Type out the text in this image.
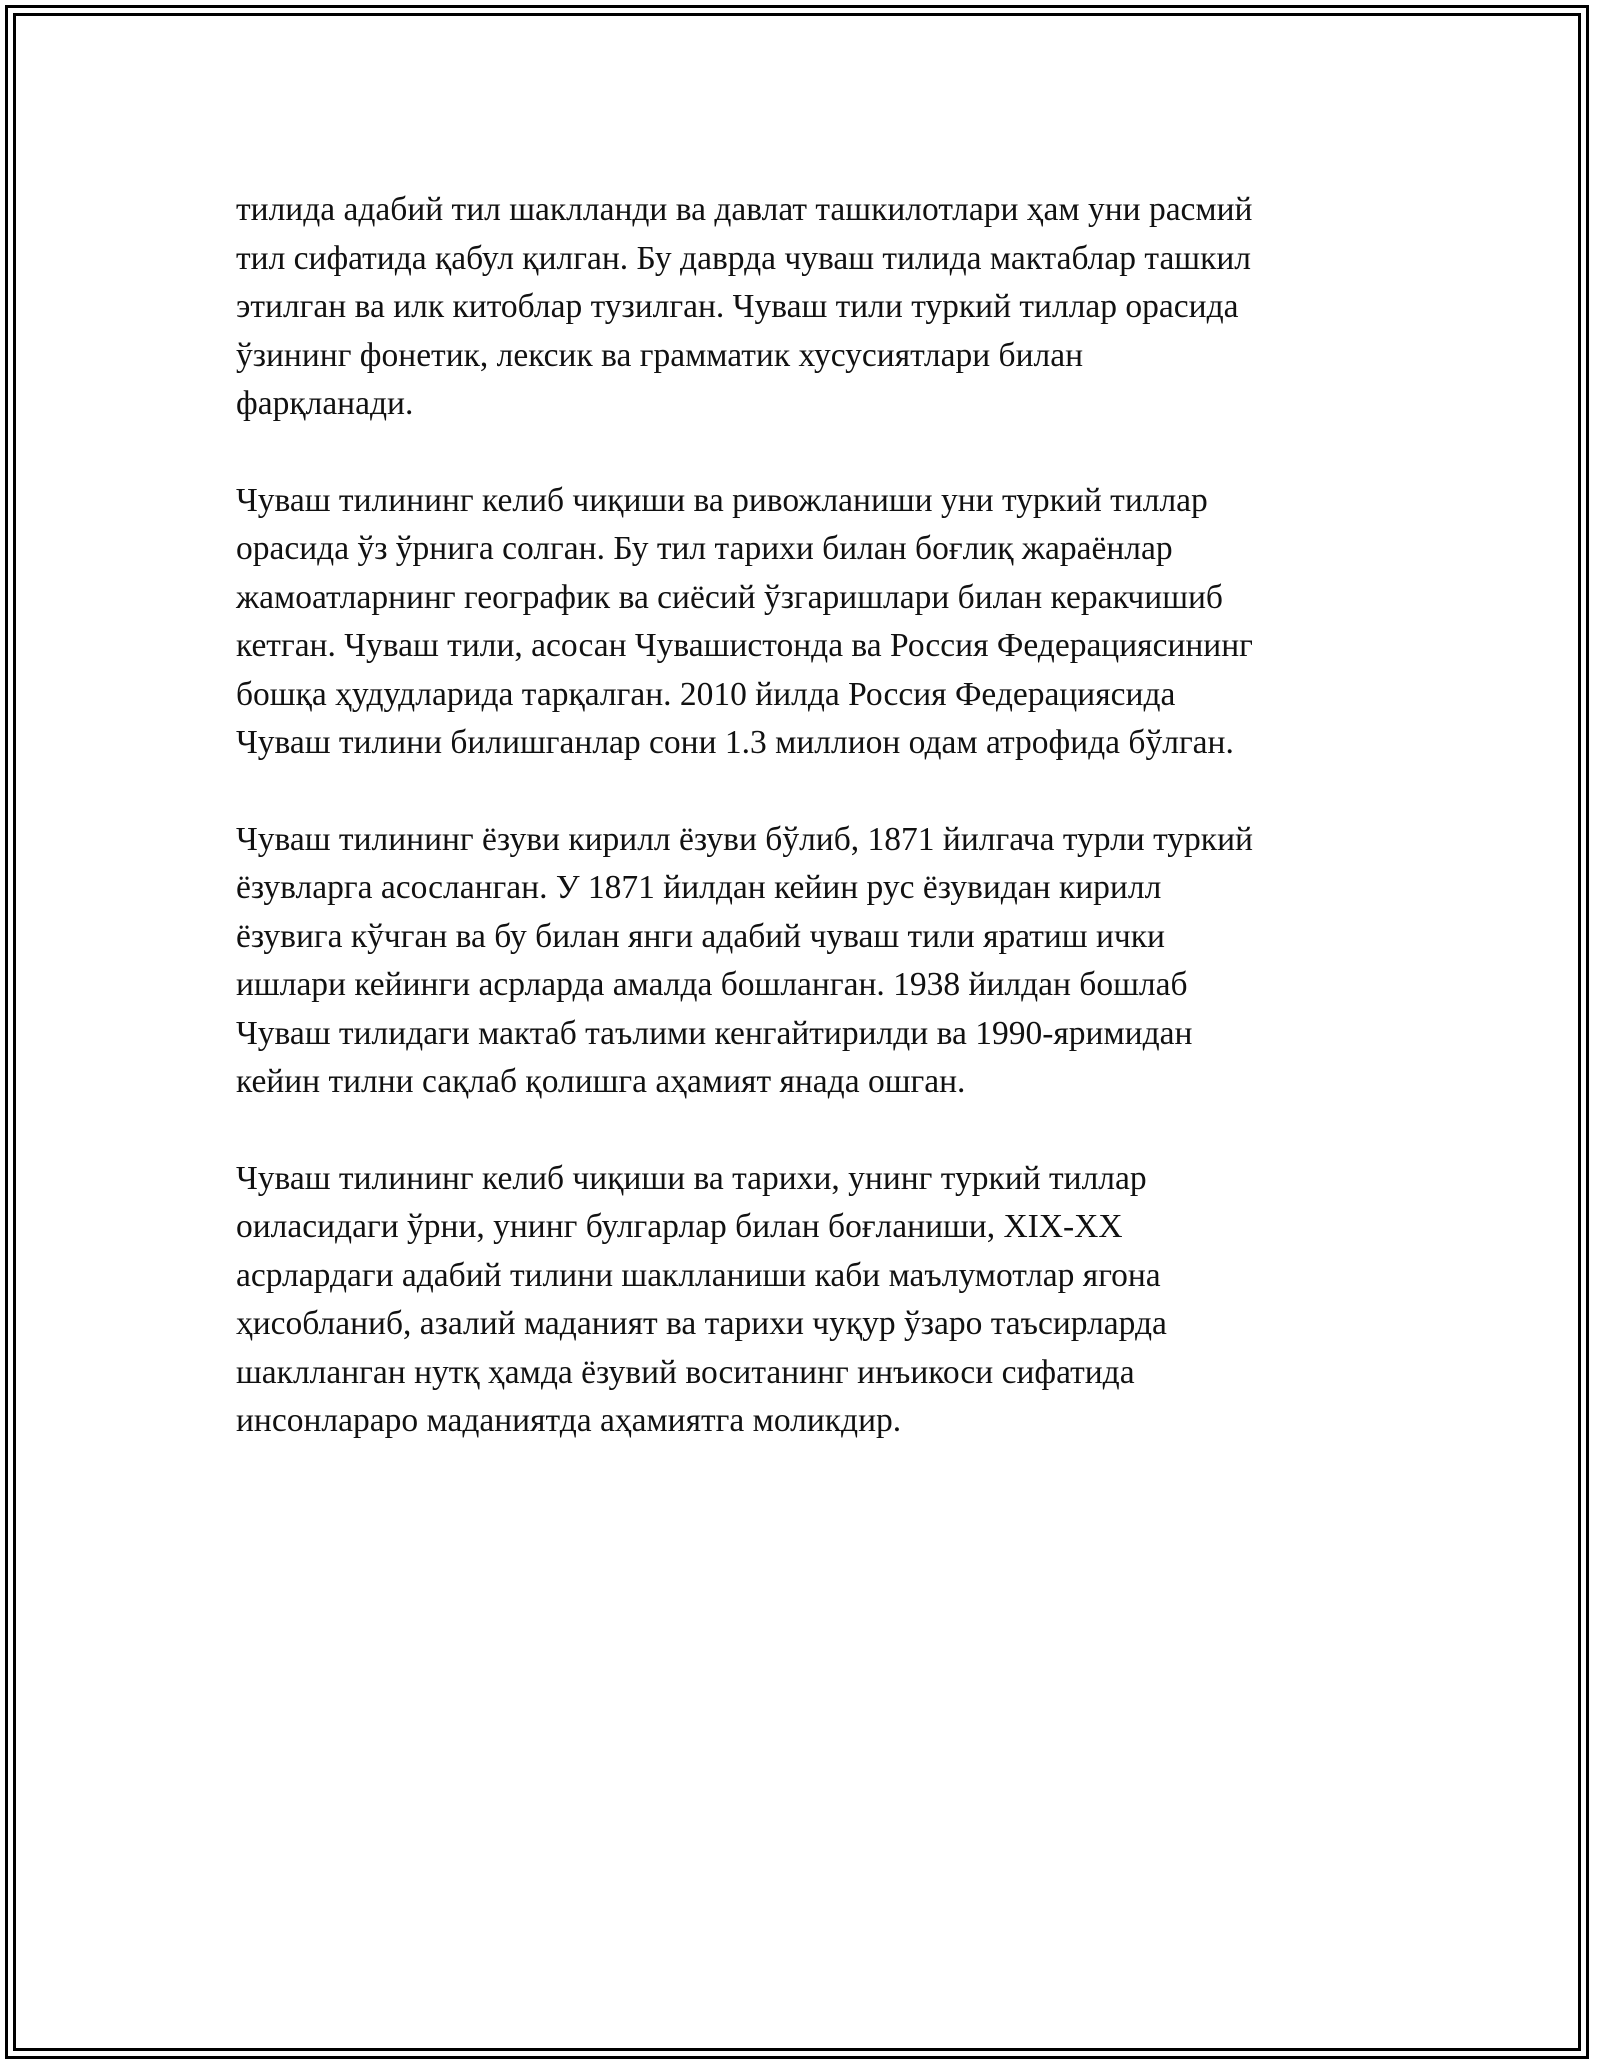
тилида адабий тил шаклланди ва давлат ташкилотлари ҳам уни расмий
тил сифатида қабул қилган. Бу даврда чуваш тилида мактаблар ташкил
этилган ва илк китоблар тузилган. Чуваш тили туркий тиллар орасида
ўзининг фонетик, лексик ва грамматик хусусиятлари билан
фарқланади.

Чуваш тилининг келиб чиқиши ва ривожланиши уни туркий тиллар
орасида ўз ўрнига солган. Бу тил тарихи билан боғлиқ жараёнлар
жамоатларнинг географик ва сиёсий ўзгаришлари билан керакчишиб
кетган. Чуваш тили, асосан Чувашистонда ва Россия Федерациясининг
бошқа ҳудудларида тарқалган. 2010 йилда Россия Федерациясида
Чуваш тилини билишганлар сони 1.3 миллион одам атрофида бўлган.

Чуваш тилининг ёзуви кирилл ёзуви бўлиб, 1871 йилгача турли туркий
ёзувларга асосланган. У 1871 йилдан кейин рус ёзувидан кирилл
ёзувига кўчган ва бу билан янги адабий чуваш тили яратиш ички
ишлари кейинги асрларда амалда бошланган. 1938 йилдан бошлаб
Чуваш тилидаги мактаб таълими кенгайтирилди ва 1990-яримидан
кейин тилни сақлаб қолишга аҳамият янада ошган.

Чуваш тилининг келиб чиқиши ва тарихи, унинг туркий тиллар
оиласидаги ўрни, унинг булгарлар билан боғланиши, XIX-XX
асрлардаги адабий тилини шаклланиши каби маълумотлар ягона
ҳисобланиб, азалий маданият ва тарихи чуқур ўзаро таъсирларда
шаклланган нутқ ҳамда ёзувий воситанинг инъикоси сифатида
инсонлараро маданиятда аҳамиятга моликдир.
